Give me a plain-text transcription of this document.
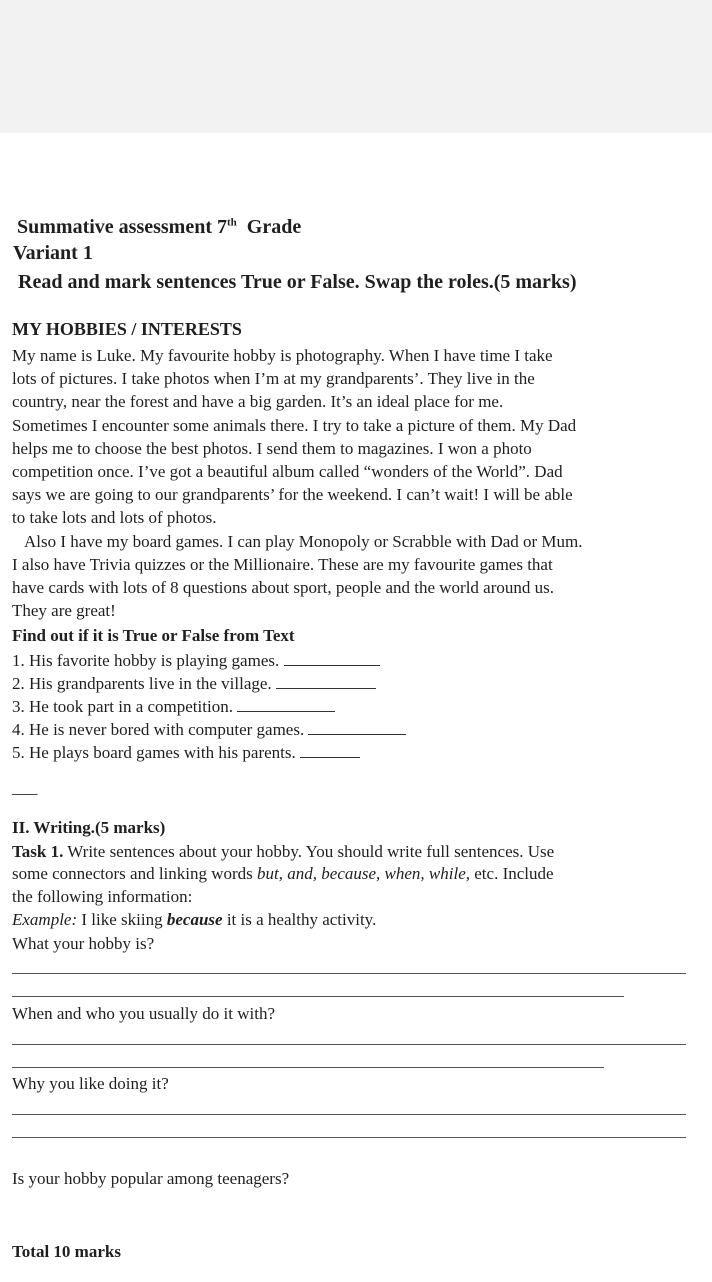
Summative assessment 7th Grade
Variant 1
Read and mark sentences True or False. Swap the roles.(5 marks)
MY HOBBIES / INTERESTS
My name is Luke. My favourite hobby is photography. When I have time I take
lots of pictures. I take photos when I’m at my grandparents’. They live in the
country, near the forest and have a big garden. It’s an ideal place for me.
Sometimes I encounter some animals there. I try to take a picture of them. My Dad
helps me to choose the best photos. I send them to magazines. I won a photo
competition once. I’ve got a beautiful album called “wonders of the World”. Dad
says we are going to our grandparents’ for the weekend. I can’t wait! I will be able
to take lots and lots of photos.
Also I have my board games. I can play Monopoly or Scrabble with Dad or Mum.
I also have Trivia quizzes or the Millionaire. These are my favourite games that
have cards with lots of 8 questions about sport, people and the world around us.
They are great!
Find out if it is True or False from Text
1. His favorite hobby is playing games.
2. His grandparents live in the village.
3. He took part in a competition.
4. He is never bored with computer games.
5. He plays board games with his parents.
___
II. Writing.(5 marks)
Task 1. Write sentences about your hobby. You should write full sentences. Use
some connectors and linking words but, and, because, when, while, etc. Include
the following information:
Example: I like skiing because it is a healthy activity.
What your hobby is?
When and who you usually do it with?
Why you like doing it?
Is your hobby popular among teenagers?
Total 10 marks
